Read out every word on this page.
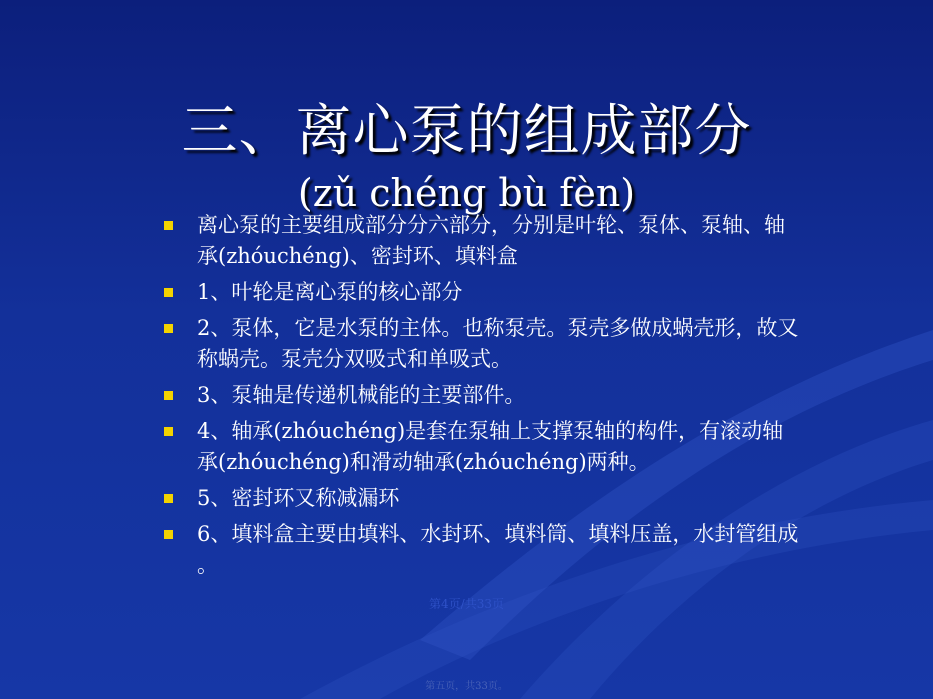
三、离心泵的组成部分
(zǔ chéng bù fèn)
离心泵的主要组成部分分六部分，分别是叶轮、泵体、泵轴、轴承(zhóuchéng)、密封环、填料盒
1、叶轮是离心泵的核心部分
2、泵体，它是水泵的主体。也称泵壳。泵壳多做成蜗壳形，故又称蜗壳。泵壳分双吸式和单吸式。
3、泵轴是传递机械能的主要部件。
4、轴承(zhóuchéng)是套在泵轴上支撑泵轴的构件，有滚动轴承(zhóuchéng)和滑动轴承(zhóuchéng)两种。
5、密封环又称减漏环
6、填料盒主要由填料、水封环、填料筒、填料压盖，水封管组成 。
第4页/共33页
第五页，共33页。
